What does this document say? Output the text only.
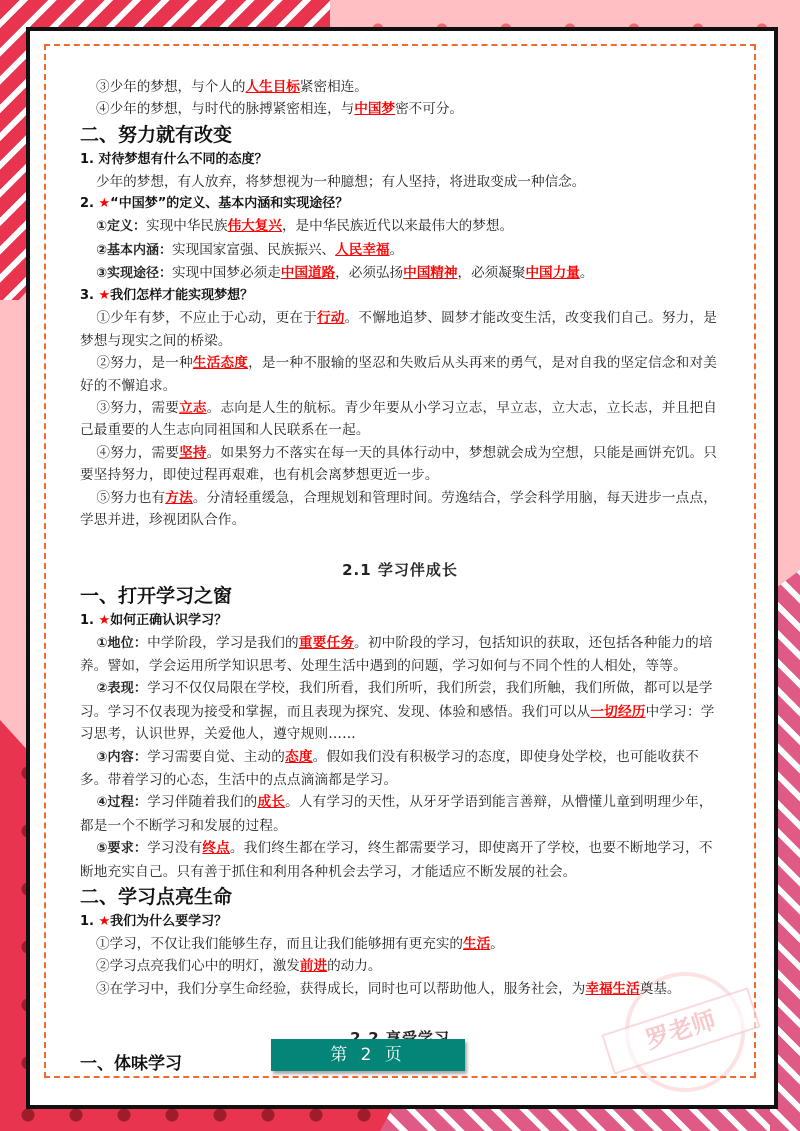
罗老师
③少年的梦想，与个人的人生目标紧密相连。
④少年的梦想，与时代的脉搏紧密相连，与中国梦密不可分。
二、努力就有改变
1. 对待梦想有什么不同的态度？
少年的梦想，有人放弃，将梦想视为一种臆想；有人坚持，将进取变成一种信念。
2. ★“中国梦”的定义、基本内涵和实现途径？
①定义：实现中华民族伟大复兴，是中华民族近代以来最伟大的梦想。
②基本内涵：实现国家富强、民族振兴、人民幸福。
③实现途径：实现中国梦必须走中国道路，必须弘扬中国精神，必须凝聚中国力量。
3. ★我们怎样才能实现梦想？
①少年有梦，不应止于心动，更在于行动。不懈地追梦、圆梦才能改变生活，改变我们自己。努力，是梦想与现实之间的桥梁。
②努力，是一种生活态度，是一种不服输的坚忍和失败后从头再来的勇气，是对自我的坚定信念和对美好的不懈追求。
③努力，需要立志。志向是人生的航标。青少年要从小学习立志，早立志，立大志，立长志，并且把自己最重要的人生志向同祖国和人民联系在一起。
④努力，需要坚持。如果努力不落实在每一天的具体行动中，梦想就会成为空想，只能是画饼充饥。只要坚持努力，即使过程再艰难，也有机会离梦想更近一步。
⑤努力也有方法。分清轻重缓急，合理规划和管理时间。劳逸结合，学会科学用脑，每天进步一点点，学思并进，珍视团队合作。
2.1 学习伴成长
一、打开学习之窗
1. ★如何正确认识学习？
①地位：中学阶段，学习是我们的重要任务。初中阶段的学习，包括知识的获取，还包括各种能力的培养。譬如，学会运用所学知识思考、处理生活中遇到的问题，学习如何与不同个性的人相处，等等。
②表现：学习不仅仅局限在学校，我们所看，我们所听，我们所尝，我们所触，我们所做，都可以是学习。学习不仅表现为接受和掌握，而且表现为探究、发现、体验和感悟。我们可以从一切经历中学习：学习思考，认识世界，关爱他人，遵守规则……
③内容：学习需要自觉、主动的态度。假如我们没有积极学习的态度，即使身处学校，也可能收获不多。带着学习的心态，生活中的点点滴滴都是学习。
④过程：学习伴随着我们的成长。人有学习的天性，从牙牙学语到能言善辩，从懵懂儿童到明理少年，都是一个不断学习和发展的过程。
⑤要求：学习没有终点。我们终生都在学习，终生都需要学习，即使离开了学校，也要不断地学习，不断地充实自己。只有善于抓住和利用各种机会去学习，才能适应不断发展的社会。
二、学习点亮生命
1. ★我们为什么要学习？
①学习，不仅让我们能够生存，而且让我们能够拥有更充实的生活。
②学习点亮我们心中的明灯，激发前进的动力。
③在学习中，我们分享生命经验，获得成长，同时也可以帮助他人，服务社会，为幸福生活奠基。
一、体味学习	第 2 页
